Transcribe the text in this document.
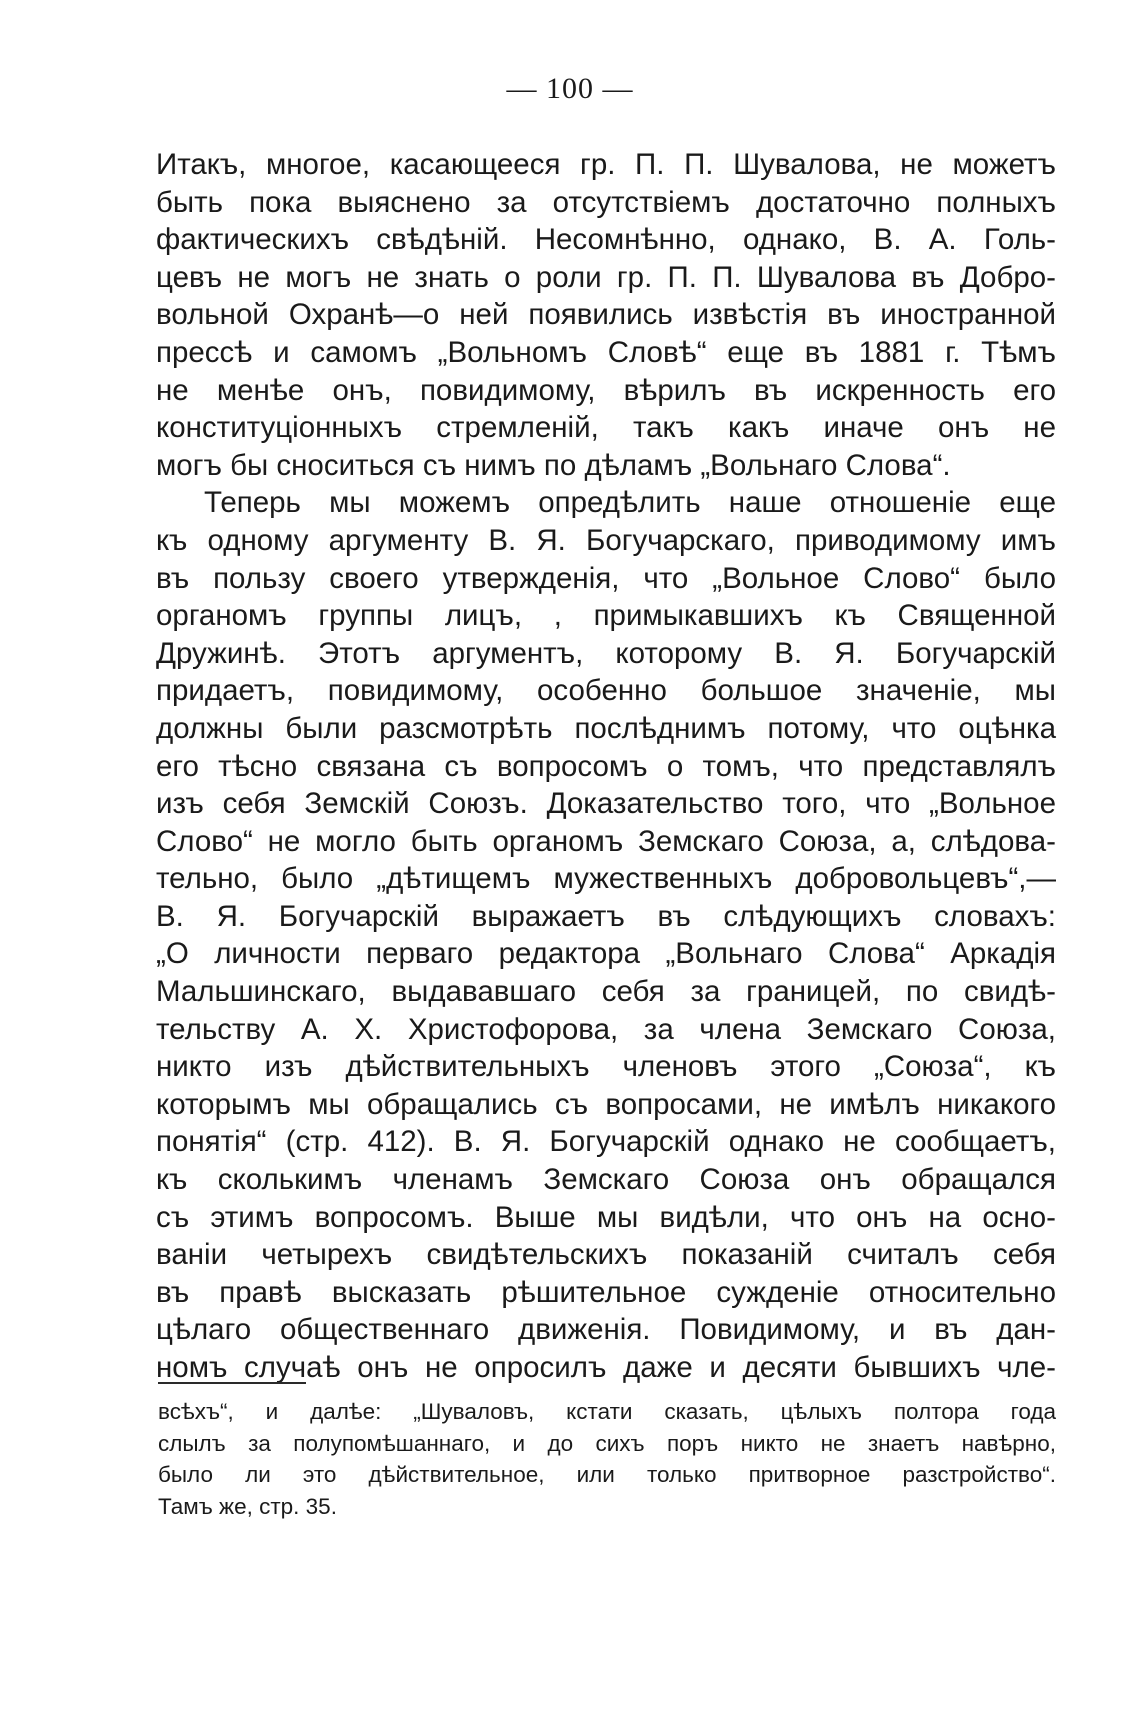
— 100 —
Итакъ, многое, касающееся гр. П. П. Шувалова, не можетъ
быть пока выяснено за отсутствіемъ достаточно полныхъ
фактическихъ свѣдѣній. Несомнѣнно, однако, В. А. Голь-
цевъ не могъ не знать о роли гр. П. П. Шувалова въ Добро-
вольной Охранѣ—о ней появились извѣстія въ иностранной
прессѣ и самомъ „Вольномъ Словѣ“ еще въ 1881 г. Тѣмъ
не менѣе онъ, повидимому, вѣрилъ въ искренность его
конституціонныхъ стремленій, такъ какъ иначе онъ не
могъ бы сноситься съ нимъ по дѣламъ „Вольнаго Слова“.
Теперь мы можемъ опредѣлить наше отношеніе еще
къ одному аргументу В. Я. Богучарскаго, приводимому имъ
въ пользу своего утвержденія, что „Вольное Слово“ было
органомъ группы лицъ, , примыкавшихъ къ Священной
Дружинѣ. Этотъ аргументъ, которому В. Я. Богучарскій
придаетъ, повидимому, особенно большое значеніе, мы
должны были разсмотрѣть послѣднимъ потому, что оцѣнка
его тѣсно связана съ вопросомъ о томъ, что представлялъ
изъ себя Земскій Союзъ. Доказательство того, что „Вольное
Слово“ не могло быть органомъ Земскаго Союза, а, слѣдова-
тельно, было „дѣтищемъ мужественныхъ добровольцевъ“,—
В. Я. Богучарскій выражаетъ въ слѣдующихъ словахъ:
„О личности перваго редактора „Вольнаго Слова“ Аркадія
Мальшинскаго, выдававшаго себя за границей, по свидѣ-
тельству А. Х. Христофорова, за члена Земскаго Союза,
никто изъ дѣйствительныхъ членовъ этого „Союза“, къ
которымъ мы обращались съ вопросами, не имѣлъ никакого
понятія“ (стр. 412). В. Я. Богучарскій однако не сообщаетъ,
къ сколькимъ членамъ Земскаго Союза онъ обращался
съ этимъ вопросомъ. Выше мы видѣли, что онъ на осно-
ваніи четырехъ свидѣтельскихъ показаній считалъ себя
въ правѣ высказать рѣшительное сужденіе относительно
цѣлаго общественнаго движенія. Повидимому, и въ дан-
номъ случаѣ онъ не опросилъ даже и десяти бывшихъ чле-
всѣхъ“, и далѣе: „Шуваловъ, кстати сказать, цѣлыхъ полтора года
слылъ за полупомѣшаннаго, и до сихъ поръ никто не знаетъ навѣрно,
было ли это дѣйствительное, или только притворное разстройство“.
Тамъ же, стр. 35.
